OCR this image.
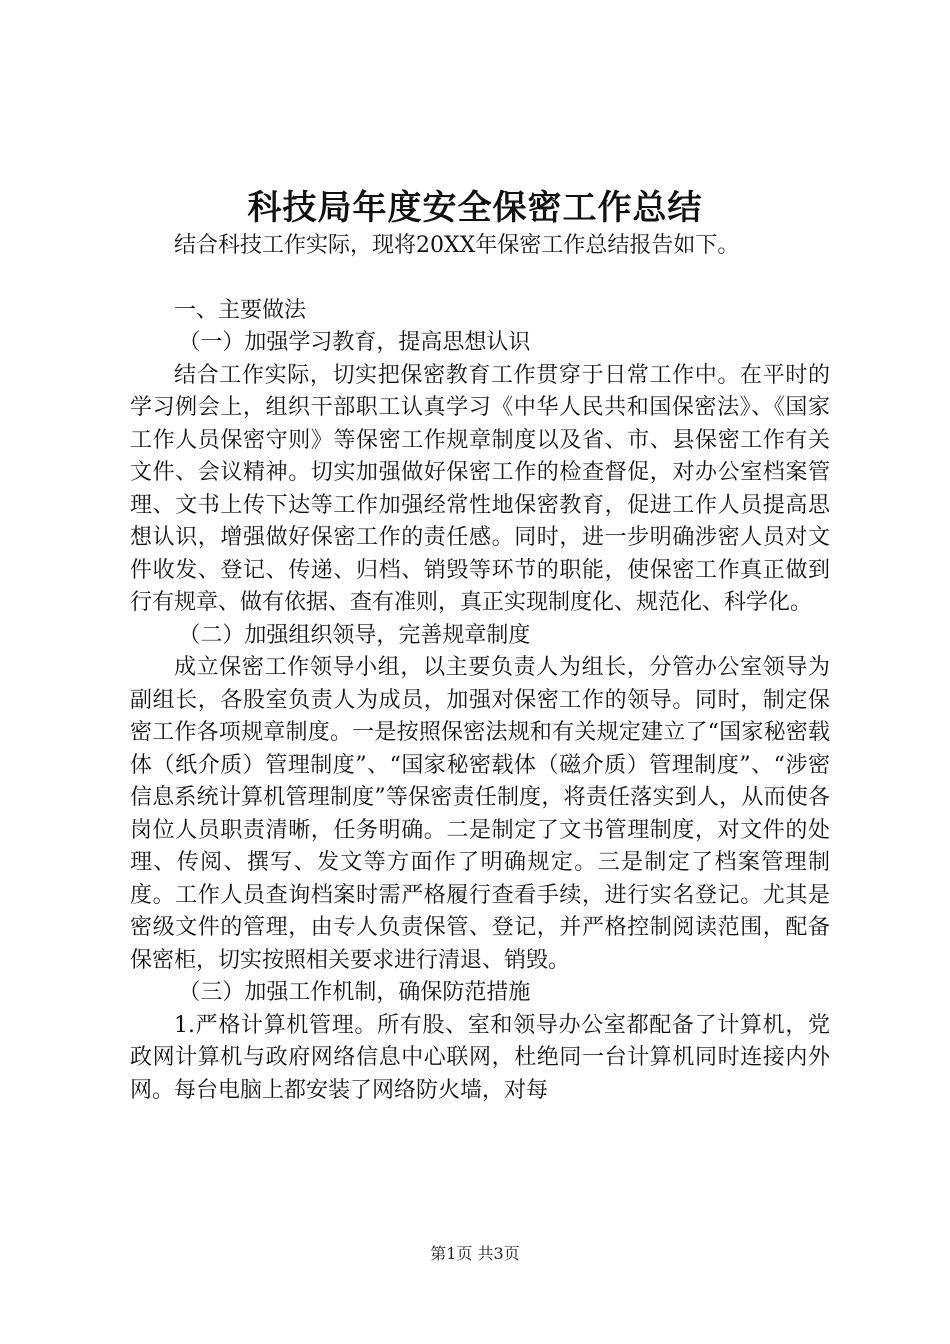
科技局年度安全保密工作总结

结合科技工作实际，现将20XX年保密工作总结报告如下。

一、主要做法

（一）加强学习教育，提高思想认识

结合工作实际，切实把保密教育工作贯穿于日常工作中。在平时的学习例会上，组织干部职工认真学习《中华人民共和国保密法》、《国家工作人员保密守则》等保密工作规章制度以及省、市、县保密工作有关文件、会议精神。切实加强做好保密工作的检查督促，对办公室档案管理、文书上传下达等工作加强经常性地保密教育，促进工作人员提高思想认识，增强做好保密工作的责任感。同时，进一步明确涉密人员对文件收发、登记、传递、归档、销毁等环节的职能，使保密工作真正做到行有规章、做有依据、查有准则，真正实现制度化、规范化、科学化。

（二）加强组织领导，完善规章制度

成立保密工作领导小组，以主要负责人为组长，分管办公室领导为副组长，各股室负责人为成员，加强对保密工作的领导。同时，制定保密工作各项规章制度。一是按照保密法规和有关规定建立了“国家秘密载体（纸介质）管理制度”、“国家秘密载体（磁介质）管理制度”、“涉密信息系统计算机管理制度”等保密责任制度，将责任落实到人，从而使各岗位人员职责清晰，任务明确。二是制定了文书管理制度，对文件的处理、传阅、撰写、发文等方面作了明确规定。三是制定了档案管理制度。工作人员查询档案时需严格履行查看手续，进行实名登记。尤其是密级文件的管理，由专人负责保管、登记，并严格控制阅读范围，配备保密柜，切实按照相关要求进行清退、销毁。

（三）加强工作机制，确保防范措施

1.严格计算机管理。所有股、室和领导办公室都配备了计算机，党政网计算机与政府网络信息中心联网，杜绝同一台计算机同时连接内外网。每台电脑上都安装了网络防火墙，对每

第1页 共3页
